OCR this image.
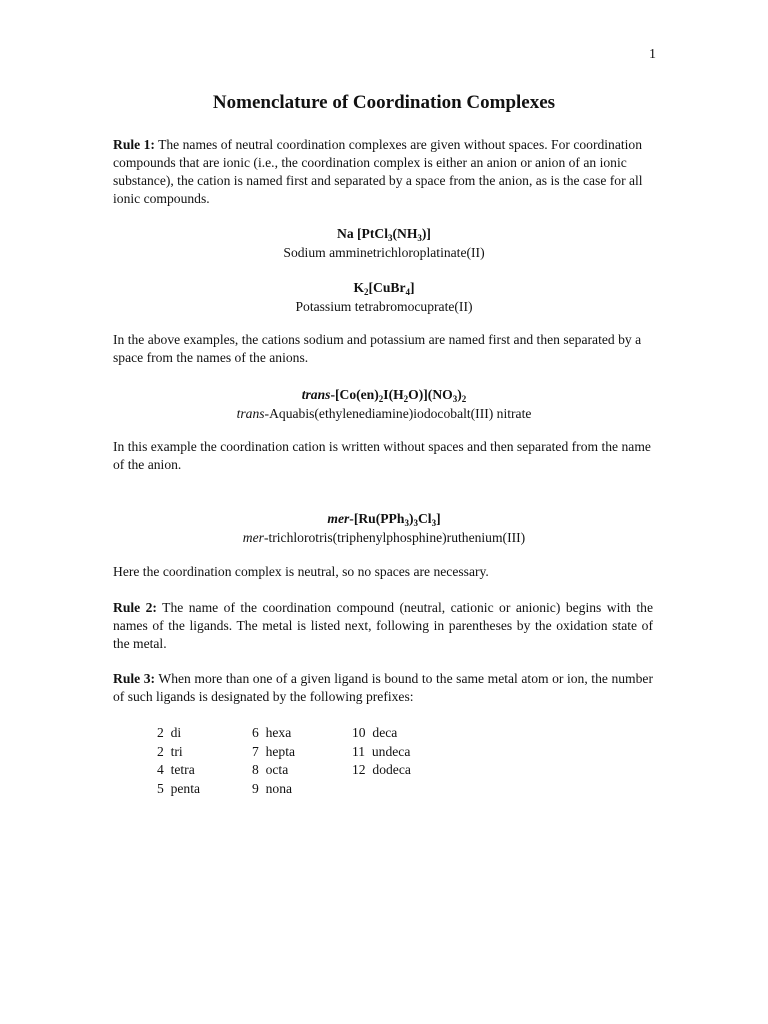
1
Nomenclature of Coordination Complexes

Rule 1: The names of neutral coordination complexes are given without spaces. For coordination compounds that are ionic (i.e., the coordination complex is either an anion or anion of an ionic substance), the cation is named first and separated by a space from the anion, as is the case for all ionic compounds.

Na $[PtCl_3(NH_3)]$
Sodium amminetrichloroplatinate(II)
$K_2[CuBr_4]$
Potassium tetrabromocuprate(II)

In the above examples, the cations sodium and potassium are named first and then separated by a space from the names of the anions.

trans-$[Co(en)_2I(H_2O)](NO_3)_2$
trans-Aquabis(ethylenediamine)iodocobalt(III) nitrate

In this example the coordination cation is written without spaces and then separated from the name of the anion.

mer-$[Ru(PPh_3)_3Cl_3]$
mer-trichlorotris(triphenylphosphine)ruthenium(III)

Here the coordination complex is neutral, so no spaces are necessary.

Rule 2: The name of the coordination compound (neutral, cationic or anionic) begins with the names of the ligands. The metal is listed next, following in parentheses by the oxidation state of the metal.

Rule 3: When more than one of a given ligand is bound to the same metal atom or ion, the number of such ligands is designated by the following prefixes:

2  di
2  tri
4  tetra
5  penta
6  hexa
7  hepta
8  octa
9  nona
10  deca
11  undeca
12  dodeca
